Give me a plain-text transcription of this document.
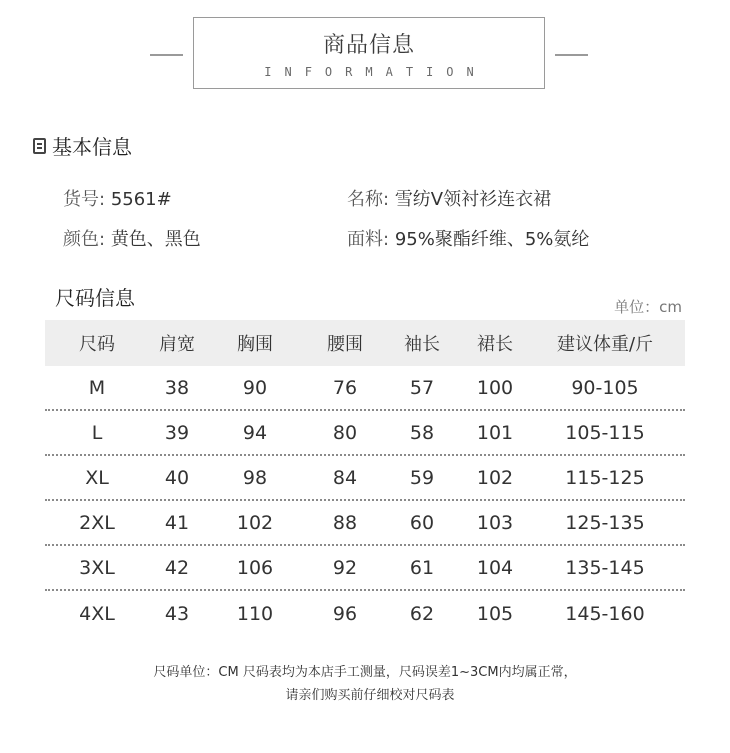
商品信息
INFORMATION
基本信息
货号: 5561#	名称: 雪纺V领衬衫连衣裙
颜色: 黄色、黑色	面料: 95%聚酯纤维、5%氨纶
尺码信息	单位：cm
尺码	肩宽	胸围	腰围	袖长	裙长	建议体重/斤
M	38	90	76	57	100	90-105
L	39	94	80	58	101	105-115
XL	40	98	84	59	102	115-125
2XL	41	102	88	60	103	125-135
3XL	42	106	92	61	104	135-145
4XL	43	110	96	62	105	145-160
尺码单位：CM 尺码表均为本店手工测量，尺码误差1~3CM内均属正常，
请亲们购买前仔细校对尺码表
